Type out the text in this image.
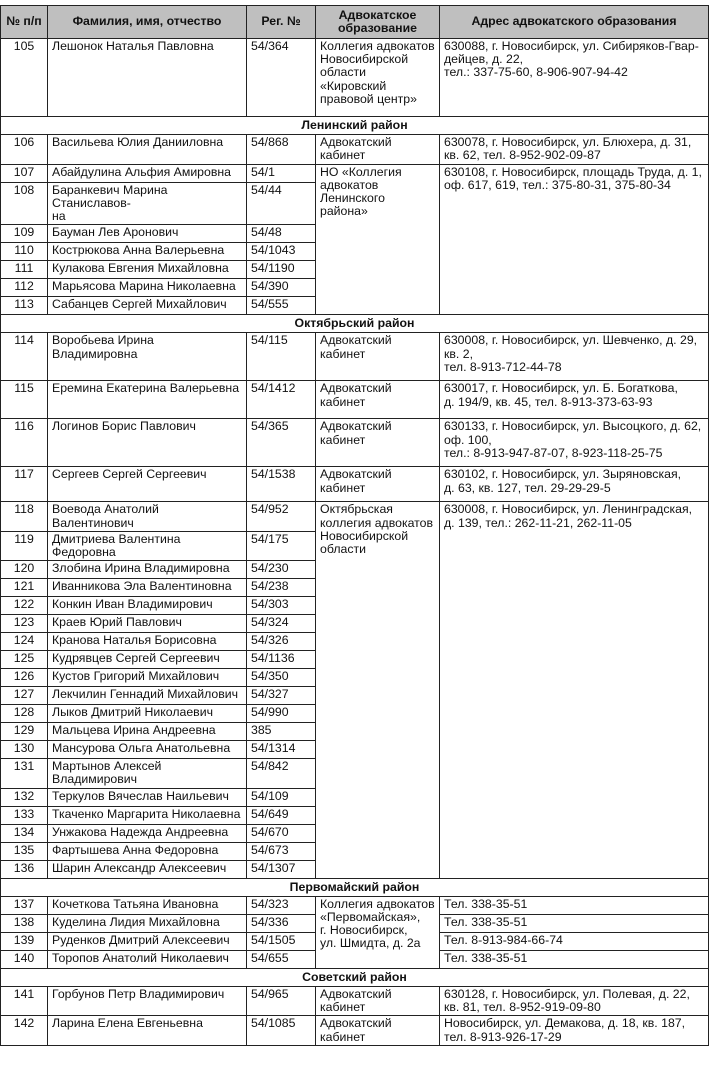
№ п/п	Фамилия, имя, отчество	Рег. №	Адвокатское образование	Адрес адвокатского образования
105	Лешонок Наталья Павловна	54/364	Коллегия адвокатов
Новосибирской
области
«Кировский
правовой центр»	630088, г. Новосибирск, ул. Сибиряков-Гвар-
дейцев, д. 22,
тел.: 337-75-60, 8-906-907-94-42
Ленинский район				
106	Васильева Юлия Данииловна	54/868	Адвокатский
кабинет	630078, г. Новосибирск, ул. Блюхера, д. 31,
кв. 62, тел. 8-952-902-09-87
107	Абайдулина Альфия Амировна	54/1	НО «Коллегия
адвокатов
Ленинского
района»	630108, г. Новосибирск, площадь Труда, д. 1,
оф. 617, 619, тел.: 375-80-31, 375-80-34
108	Баранкевич Марина Станиславов-
на	54/44		
109	Бауман Лев Аронович	54/48		
110	Кострюкова Анна Валерьевна	54/1043		
111	Кулакова Евгения Михайловна	54/1190		
112	Марьясова Марина Николаевна	54/390		
113	Сабанцев Сергей Михайлович	54/555		
Октябрьский район				
114	Воробьева Ирина Владимировна	54/115	Адвокатский
кабинет	630008, г. Новосибирск, ул. Шевченко, д. 29,
кв. 2,
тел. 8-913-712-44-78
115	Еремина Екатерина Валерьевна	54/1412	Адвокатский
кабинет	630017, г. Новосибирск, ул. Б. Богаткова,
д. 194/9, кв. 45, тел. 8-913-373-63-93
116	Логинов Борис Павлович	54/365	Адвокатский
кабинет	630133, г. Новосибирск, ул. Высоцкого, д. 62,
оф. 100,
тел.: 8-913-947-87-07, 8-923-118-25-75
117	Сергеев Сергей Сергеевич	54/1538	Адвокатский
кабинет	630102, г. Новосибирск, ул. Зыряновская,
д. 63, кв. 127, тел. 29-29-29-5
118	Воевода Анатолий Валентинович	54/952	Октябрьская
коллегия адвокатов
Новосибирской
области	630008, г. Новосибирск, ул. Ленинградская,
д. 139, тел.: 262-11-21, 262-11-05
119	Дмитриева Валентина Федоровна	54/175		
120	Злобина Ирина Владимировна	54/230		
121	Иванникова Эла Валентиновна	54/238		
122	Конкин Иван Владимирович	54/303		
123	Краев Юрий Павлович	54/324		
124	Кранова Наталья Борисовна	54/326		
125	Кудрявцев Сергей Сергеевич	54/1136		
126	Кустов Григорий Михайлович	54/350		
127	Лекчилин Геннадий Михайлович	54/327		
128	Лыков Дмитрий Николаевич	54/990		
129	Мальцева Ирина Андреевна	385		
130	Мансурова Ольга Анатольевна	54/1314		
131	Мартынов Алексей Владимирович	54/842		
132	Теркулов Вячеслав Наильевич	54/109		
133	Ткаченко Маргарита Николаевна	54/649		
134	Унжакова Надежда Андреевна	54/670		
135	Фартышева Анна Федоровна	54/673		
136	Шарин Александр Алексеевич	54/1307		
Первомайский район				
137	Кочеткова Татьяна Ивановна	54/323	Коллегия адвокатов
«Первомайская»,
г. Новосибирск,
ул. Шмидта, д. 2а	Тел. 338-35-51
138	Куделина Лидия Михайловна	54/336		Тел. 338-35-51
139	Руденков Дмитрий Алексеевич	54/1505		Тел. 8-913-984-66-74
140	Торопов Анатолий Николаевич	54/655		Тел. 338-35-51
Советский район				
141	Горбунов Петр Владимирович	54/965	Адвокатский
кабинет	630128, г. Новосибирск, ул. Полевая, д. 22,
кв. 81, тел. 8-952-919-09-80
142	Ларина Елена Евгеньевна	54/1085	Адвокатский
кабинет	Новосибирск, ул. Демакова, д. 18, кв. 187,
тел. 8-913-926-17-29
